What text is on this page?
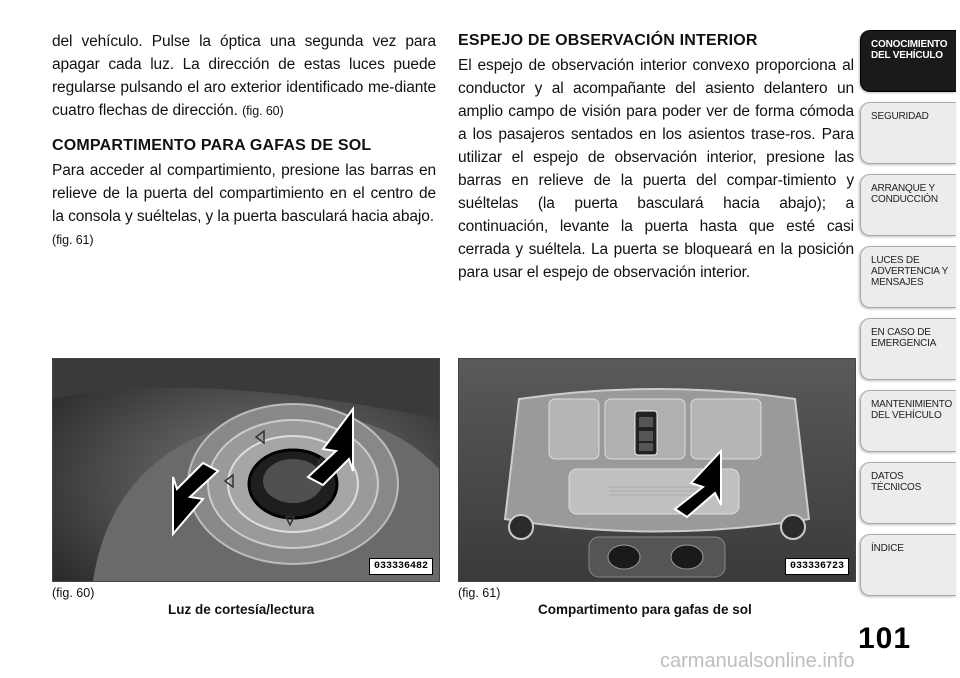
del vehículo. Pulse la óptica una segunda vez para apagar cada luz. La dirección de estas luces puede regularse pulsando el aro exterior identificado me-diante cuatro flechas de dirección. (fig. 60)

COMPARTIMENTO PARA GAFAS DE SOL

Para acceder al compartimiento, presione las barras en relieve de la puerta del compartimiento en el centro de la consola y suéltelas, y la puerta basculará hacia abajo.
(fig. 61)

ESPEJO DE OBSERVACIÓN INTERIOR

El espejo de observación interior convexo proporciona al conductor y al acompañante del asiento delantero un amplio campo de visión para poder ver de forma cómoda a los pasajeros sentados en los asientos trase-ros. Para utilizar el espejo de observación interior, presione las barras en relieve de la puerta del compar-timiento y suéltelas (la puerta basculará hacia abajo); a continuación, levante la puerta hasta que esté casi cerrada y suéltela. La puerta se bloqueará en la posición para usar el espejo de observación interior.

033336482	033336723
(fig. 60)
Luz de cortesía/lectura
(fig. 61)
Compartimento para gafas de sol
CONOCIMIENTO
DEL VEHÍCULO
SEGURIDAD
ARRANQUE Y
CONDUCCIÓN
LUCES DE
ADVERTENCIA Y
MENSAJES
EN CASO DE
EMERGENCIA
MANTENIMIENTO
DEL VEHÍCULO
DATOS
TÉCNICOS
ÍNDICE
101
carmanualsonline.info
